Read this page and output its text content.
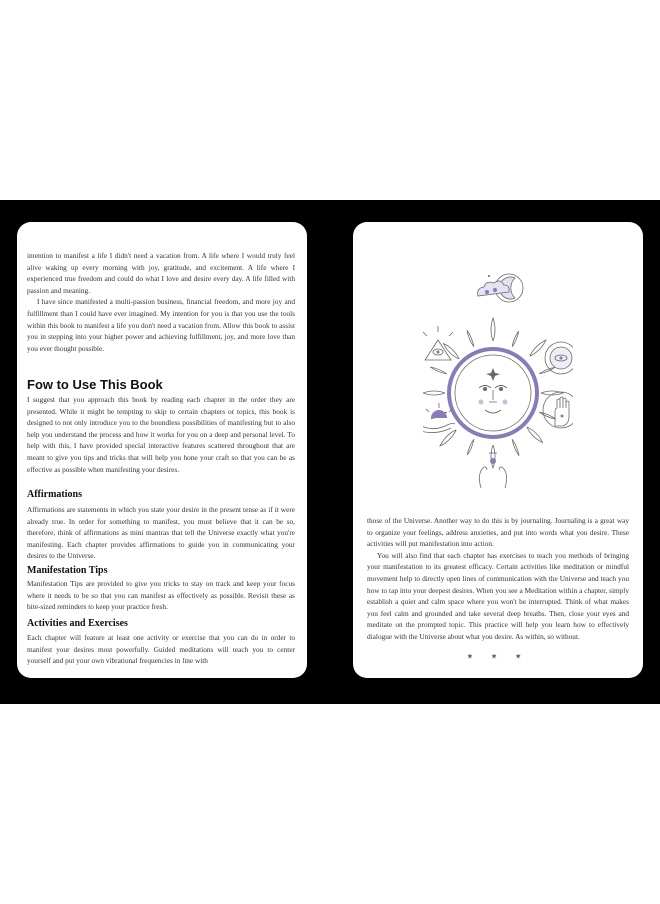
intention to manifest a life I didn't need a vacation from. A life where I would truly feel alive waking up every morning with joy, gratitude, and excitement. A life where I experienced true freedom and could do what I love and desire every day. A life filled with passion and meaning.

I have since manifested a multi-passion business, financial freedom, and more joy and fulfillment than I could have ever imagined. My intention for you is that you use the tools within this book to manifest a life you don't need a vacation from. Allow this book to assist you in stepping into your higher power and achieving fulfillment, joy, and more love than you ever thought possible.

Fow to Use This Book
I suggest that you approach this book by reading each chapter in the order they are presented. While it might be tempting to skip to certain chapters or topics, this book is designed to not only introduce you to the boundless possibilities of manifesting but to also help you understand the process and how it works for you on a deep and personal level. To help with this, I have provided special interactive features scattered throughout that are meant to give you tips and tricks that will help you hone your craft so that you can be as effective as possible when manifesting your desires.
Affirmations
Affirmations are statements in which you state your desire in the present tense as if it were already true. In order for something to manifest, you must believe that it can be so, therefore, think of affirmations as mini mantras that tell the Universe exactly what you're manifesting. Each chapter provides affirmations to guide you in communicating your desires to the Universe.
Manifestation Tips
Manifestation Tips are provided to give you tricks to stay on track and keep your focus where it needs to be so that you can manifest as effectively as possible. Revisit these as bite-sized reminders to keep your practice fresh.
Activities and Exercises
Each chapter will feature at least one activity or exercise that you can do in order to manifest your desires most powerfully. Guided meditations will teach you to center yourself and put your own vibrational frequencies in line with

those of the Universe. Another way to do this is by journaling. Journaling is a great way to organize your feelings, address anxieties, and put into words what you desire. These activities will put manifestation into action.

You will also find that each chapter has exercises to teach you methods of bringing your manifestation to its greatest efficacy. Certain activities like meditation or mindful movement help to directly open lines of communication with the Universe and teach you how to tap into your deepest desires. When you see a Meditation within a chapter, simply establish a quiet and calm space where you won't be interrupted. Think of what makes you feel calm and grounded and take several deep breaths. Then, close your eyes and meditate on the prompted topic. This practice will help you learn how to effectively dialogue with the Universe about what you desire. As within, so without.

* * *
